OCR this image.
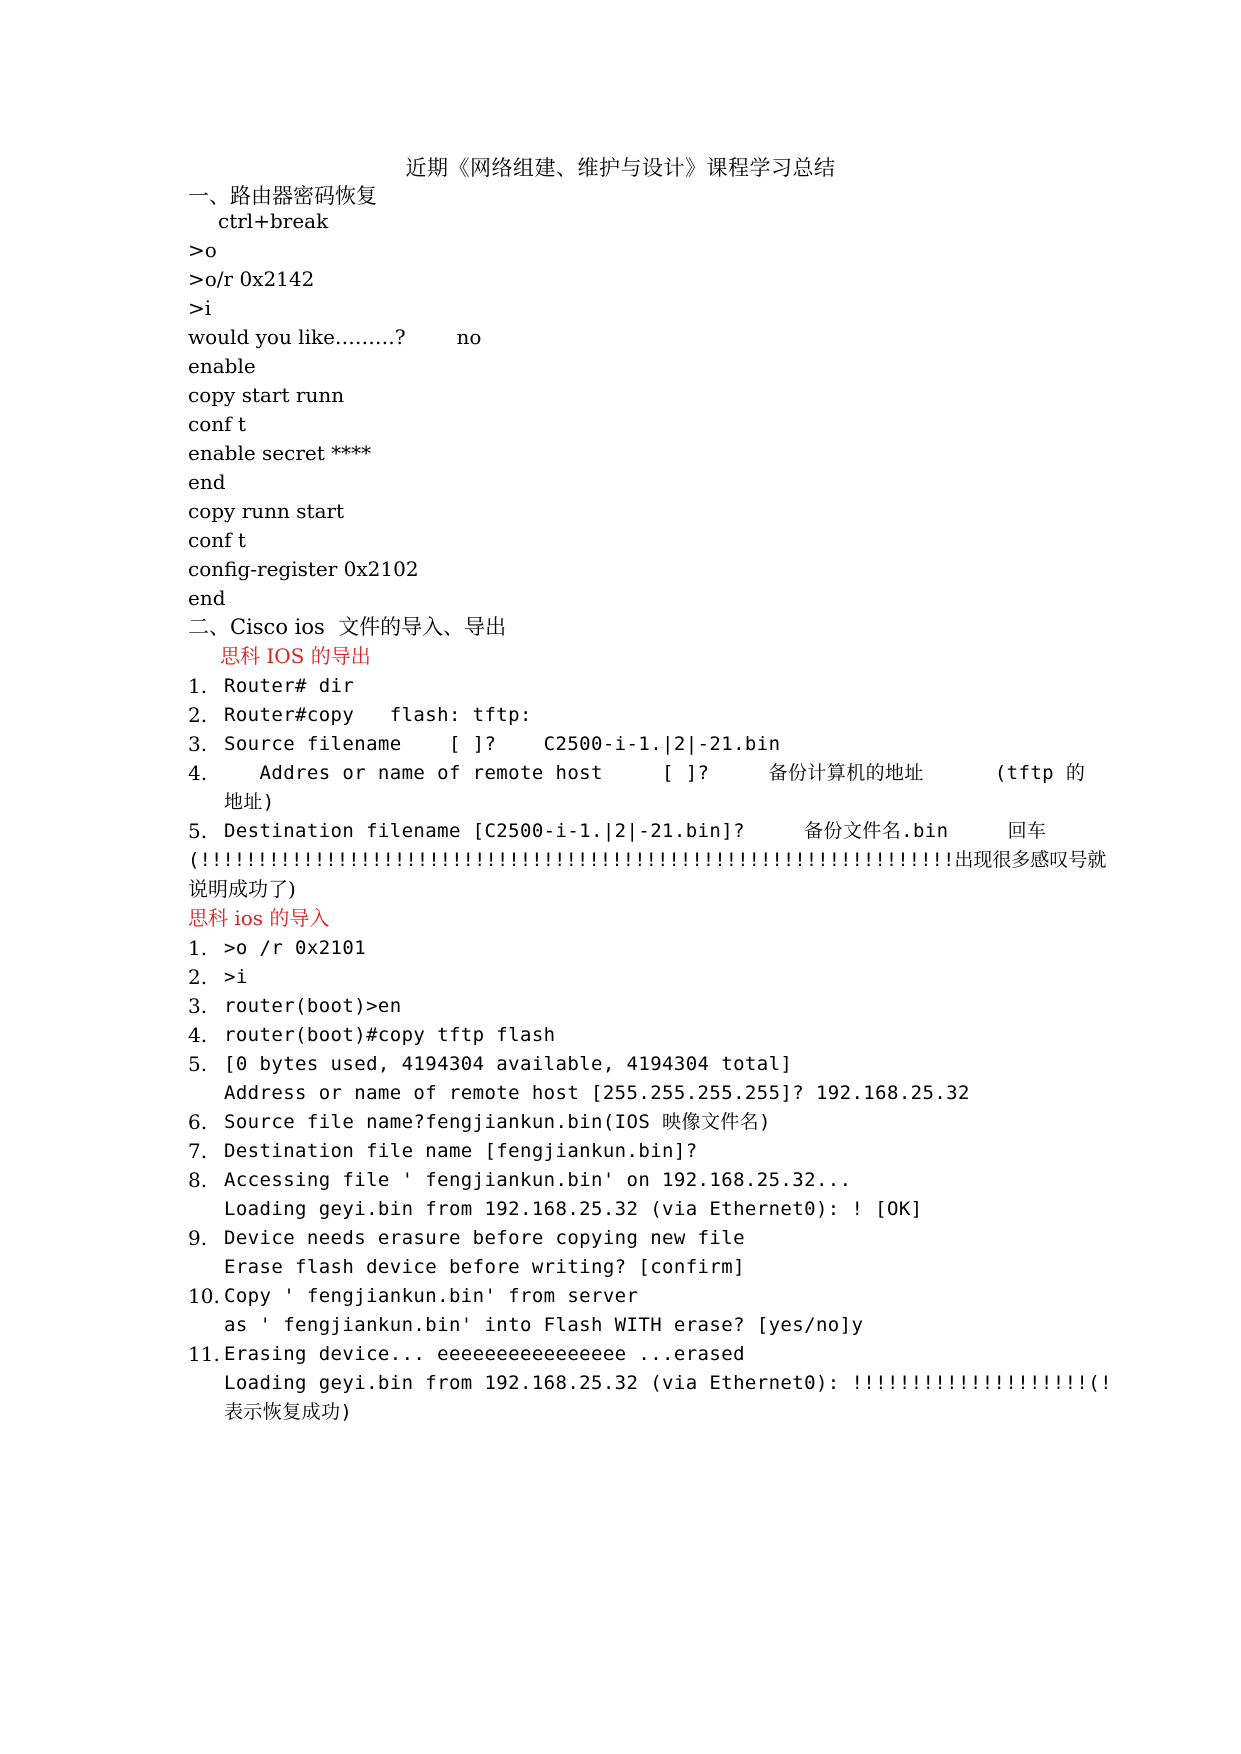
近期《网络组建、维护与设计》课程学习总结
一、路由器密码恢复
ctrl+break
>o
>o/r 0x2142
>i
would you like………?        no
enable
copy start runn
conf t
enable secret ****
end
copy runn start
conf t
config-register 0x2102
end
二、Cisco ios  文件的导入、导出
思科 IOS 的导出
1. Router# dir
2. Router#copy   flash: tftp:
3. Source filename    [ ]?    C2500-i-1.|2|-21.bin
4. Addres or name of remote host     [ ]?     备份计算机的地址      (tftp 的
地址)
5. Destination filename [C2500-i-1.|2|-21.bin]?     备份文件名.bin     回车
(!!!!!!!!!!!!!!!!!!!!!!!!!!!!!!!!!!!!!!!!!!!!!!!!!!!!!!!!!!!!!!!!!!出现很多感叹号就
说明成功了)
思科 ios 的导入
1. >o /r 0x2101
2. >i
3. router(boot)>en
4. router(boot)#copy tftp flash
5. [0 bytes used, 4194304 available, 4194304 total]
Address or name of remote host [255.255.255.255]? 192.168.25.32
6. Source file name?fengjiankun.bin(IOS 映像文件名)
7. Destination file name [fengjiankun.bin]?
8. Accessing file ' fengjiankun.bin' on 192.168.25.32...
Loading geyi.bin from 192.168.25.32 (via Ethernet0): ! [OK]
9. Device needs erasure before copying new file
Erase flash device before writing? [confirm]
10. Copy ' fengjiankun.bin' from server
as ' fengjiankun.bin' into Flash WITH erase? [yes/no]y
11. Erasing device... eeeeeeeeeeeeeeee ...erased
Loading geyi.bin from 192.168.25.32 (via Ethernet0): !!!!!!!!!!!!!!!!!!!!(!
表示恢复成功)
